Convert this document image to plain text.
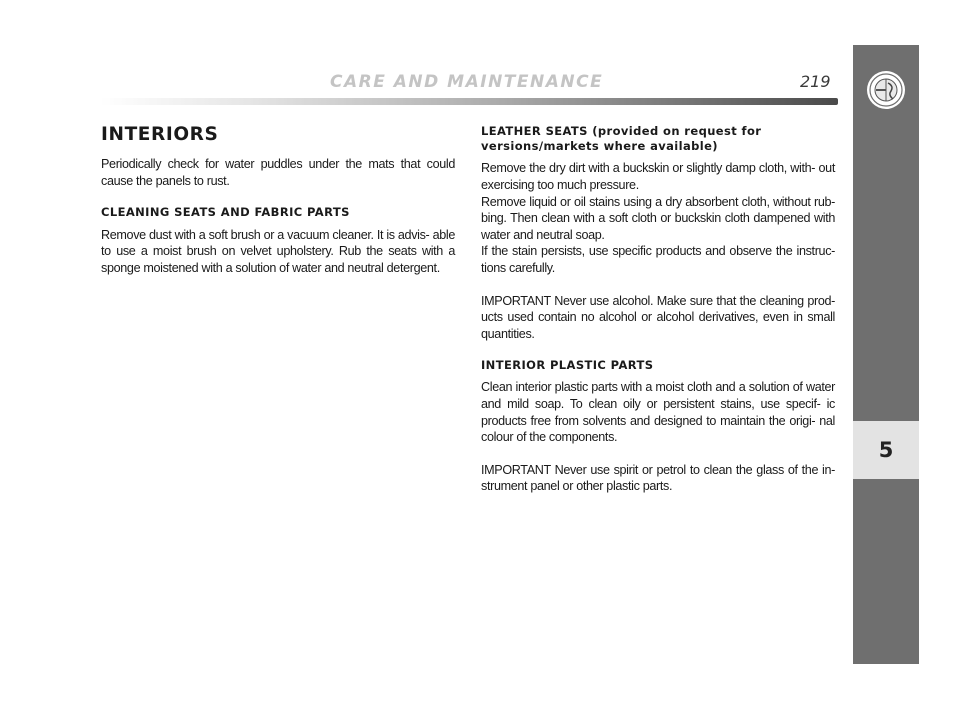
CARE AND MAINTENANCE	219
5
INTERIORS

Periodically check for water puddles under the mats that could cause the panels to rust.

CLEANING SEATS AND FABRIC PARTS

Remove dust with a soft brush or a vacuum cleaner. It is advis- able to use a moist brush on velvet upholstery. Rub the seats with a sponge moistened with a solution of water and neutral detergent.

LEATHER SEATS (provided on request for versions/markets where available)

Remove the dry dirt with a buckskin or slightly damp cloth, with- out exercising too much pressure.

Remove liquid or oil stains using a dry absorbent cloth, without rub- bing. Then clean with a soft cloth or buckskin cloth dampened with water and neutral soap.

If the stain persists, use specific products and observe the instruc- tions carefully.

IMPORTANT Never use alcohol. Make sure that the cleaning prod- ucts used contain no alcohol or alcohol derivatives, even in small quantities.

INTERIOR PLASTIC PARTS

Clean interior plastic parts with a moist cloth and a solution of water and mild soap. To clean oily or persistent stains, use specif- ic products free from solvents and designed to maintain the origi- nal colour of the components.

IMPORTANT Never use spirit or petrol to clean the glass of the in- strument panel or other plastic parts.
